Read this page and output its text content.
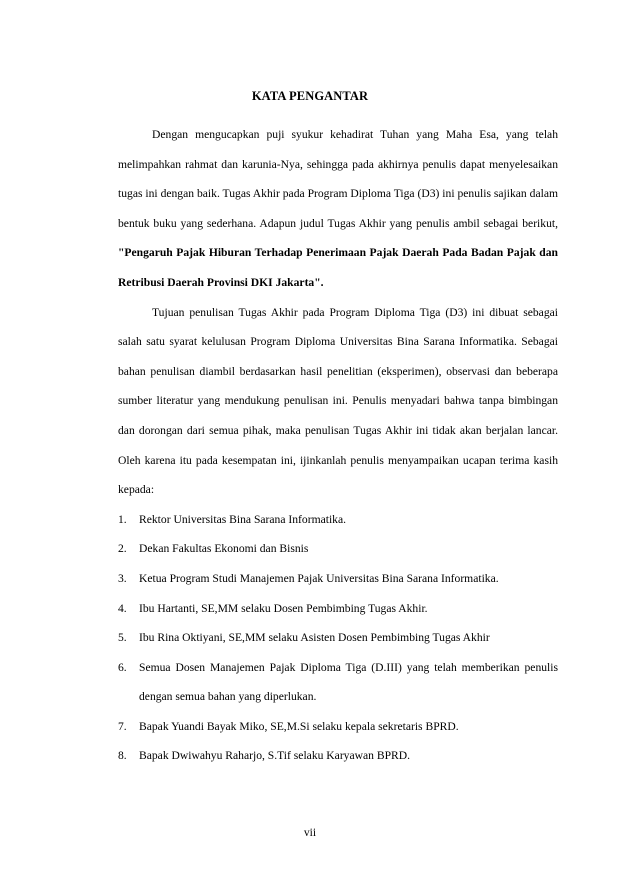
KATA PENGANTAR

Dengan mengucapkan puji syukur kehadirat Tuhan yang Maha Esa, yang telah melimpahkan rahmat dan karunia-Nya, sehingga pada akhirnya penulis dapat menyelesaikan tugas ini dengan baik. Tugas Akhir pada Program Diploma Tiga (D3) ini penulis sajikan dalam bentuk buku yang sederhana. Adapun judul Tugas Akhir yang penulis ambil sebagai berikut, "Pengaruh Pajak Hiburan Terhadap Penerimaan Pajak Daerah Pada Badan Pajak dan Retribusi Daerah Provinsi DKI Jakarta".

Tujuan penulisan Tugas Akhir pada Program Diploma Tiga (D3) ini dibuat sebagai salah satu syarat kelulusan Program Diploma Universitas Bina Sarana Informatika. Sebagai bahan penulisan diambil berdasarkan hasil penelitian (eksperimen), observasi dan beberapa sumber literatur yang mendukung penulisan ini. Penulis menyadari bahwa tanpa bimbingan dan dorongan dari semua pihak, maka penulisan Tugas Akhir ini tidak akan berjalan lancar. Oleh karena itu pada kesempatan ini, ijinkanlah penulis menyampaikan ucapan terima kasih kepada:

1. Rektor Universitas Bina Sarana Informatika.
2. Dekan Fakultas Ekonomi dan Bisnis
3. Ketua Program Studi Manajemen Pajak Universitas Bina Sarana Informatika.
4. Ibu Hartanti, SE,MM selaku Dosen Pembimbing Tugas Akhir.
5. Ibu Rina Oktiyani, SE,MM selaku Asisten Dosen Pembimbing Tugas Akhir
6. Semua Dosen Manajemen Pajak Diploma Tiga (D.III) yang telah memberikan penulis dengan semua bahan yang diperlukan.
7. Bapak Yuandi Bayak Miko, SE,M.Si selaku kepala sekretaris BPRD.
8. Bapak Dwiwahyu Raharjo, S.Tif selaku Karyawan BPRD.
vii
